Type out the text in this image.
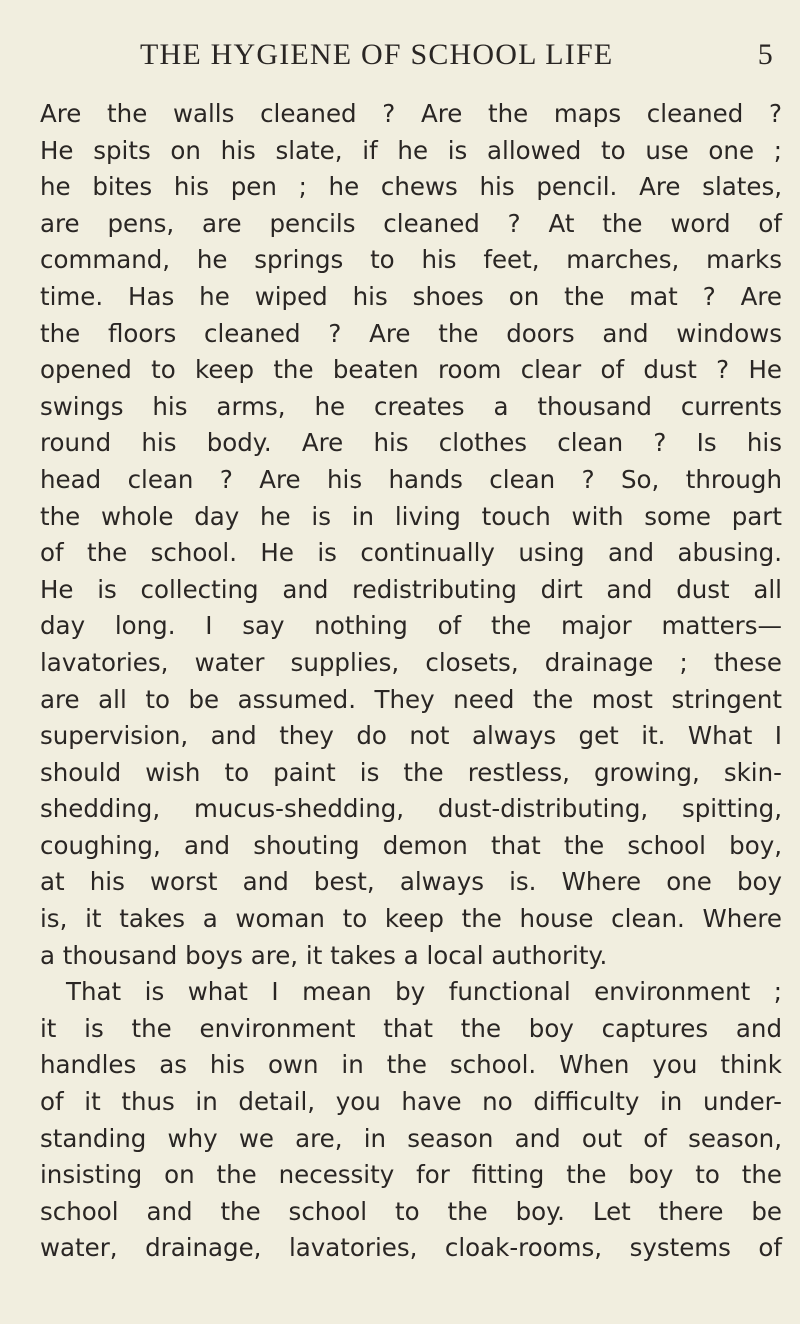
THE HYGIENE OF SCHOOL LIFE	5
Are the walls cleaned ? Are the maps cleaned ?
He spits on his slate, if he is allowed to use one ;
he bites his pen ; he chews his pencil. Are slates,
are pens, are pencils cleaned ? At the word of
command, he springs to his feet, marches, marks
time. Has he wiped his shoes on the mat ? Are
the floors cleaned ? Are the doors and windows
opened to keep the beaten room clear of dust ? He
swings his arms, he creates a thousand currents
round his body. Are his clothes clean ? Is his
head clean ? Are his hands clean ? So, through
the whole day he is in living touch with some part
of the school. He is continually using and abusing.
He is collecting and redistributing dirt and dust all
day long. I say nothing of the major matters—
lavatories, water supplies, closets, drainage ; these
are all to be assumed. They need the most stringent
supervision, and they do not always get it. What I
should wish to paint is the restless, growing, skin-
shedding, mucus-shedding, dust-distributing, spitting,
coughing, and shouting demon that the school boy,
at his worst and best, always is. Where one boy
is, it takes a woman to keep the house clean. Where
a thousand boys are, it takes a local authority.
That is what I mean by functional environment ;
it is the environment that the boy captures and
handles as his own in the school. When you think
of it thus in detail, you have no difficulty in under-
standing why we are, in season and out of season,
insisting on the necessity for fitting the boy to the
school and the school to the boy. Let there be
water, drainage, lavatories, cloak-rooms, systems of
